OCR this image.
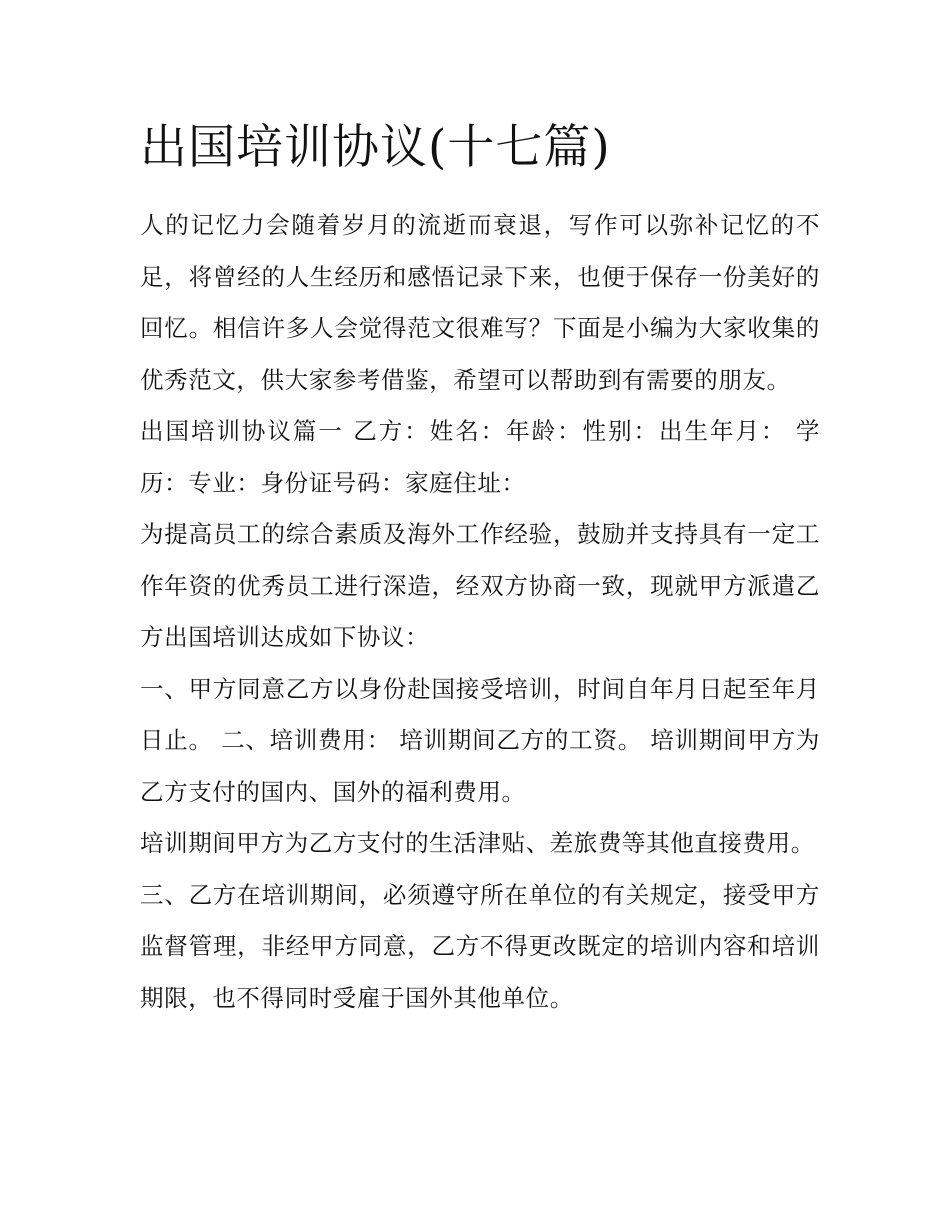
出国培训协议(十七篇)

人的记忆力会随着岁月的流逝而衰退，写作可以弥补记忆的不足，将曾经的人生经历和感悟记录下来，也便于保存一份美好的回忆。相信许多人会觉得范文很难写？下面是小编为大家收集的优秀范文，供大家参考借鉴，希望可以帮助到有需要的朋友。

出国培训协议篇一 乙方：姓名：年龄：性别：出生年月： 学历：专业：身份证号码：家庭住址：

为提高员工的综合素质及海外工作经验，鼓励并支持具有一定工作年资的优秀员工进行深造，经双方协商一致，现就甲方派遣乙方出国培训达成如下协议：

一、甲方同意乙方以身份赴国接受培训，时间自年月日起至年月日止。 二、培训费用： 培训期间乙方的工资。 培训期间甲方为乙方支付的国内、国外的福利费用。

培训期间甲方为乙方支付的生活津贴、差旅费等其他直接费用。

三、乙方在培训期间，必须遵守所在单位的有关规定，接受甲方监督管理，非经甲方同意，乙方不得更改既定的培训内容和培训期限，也不得同时受雇于国外其他单位。
